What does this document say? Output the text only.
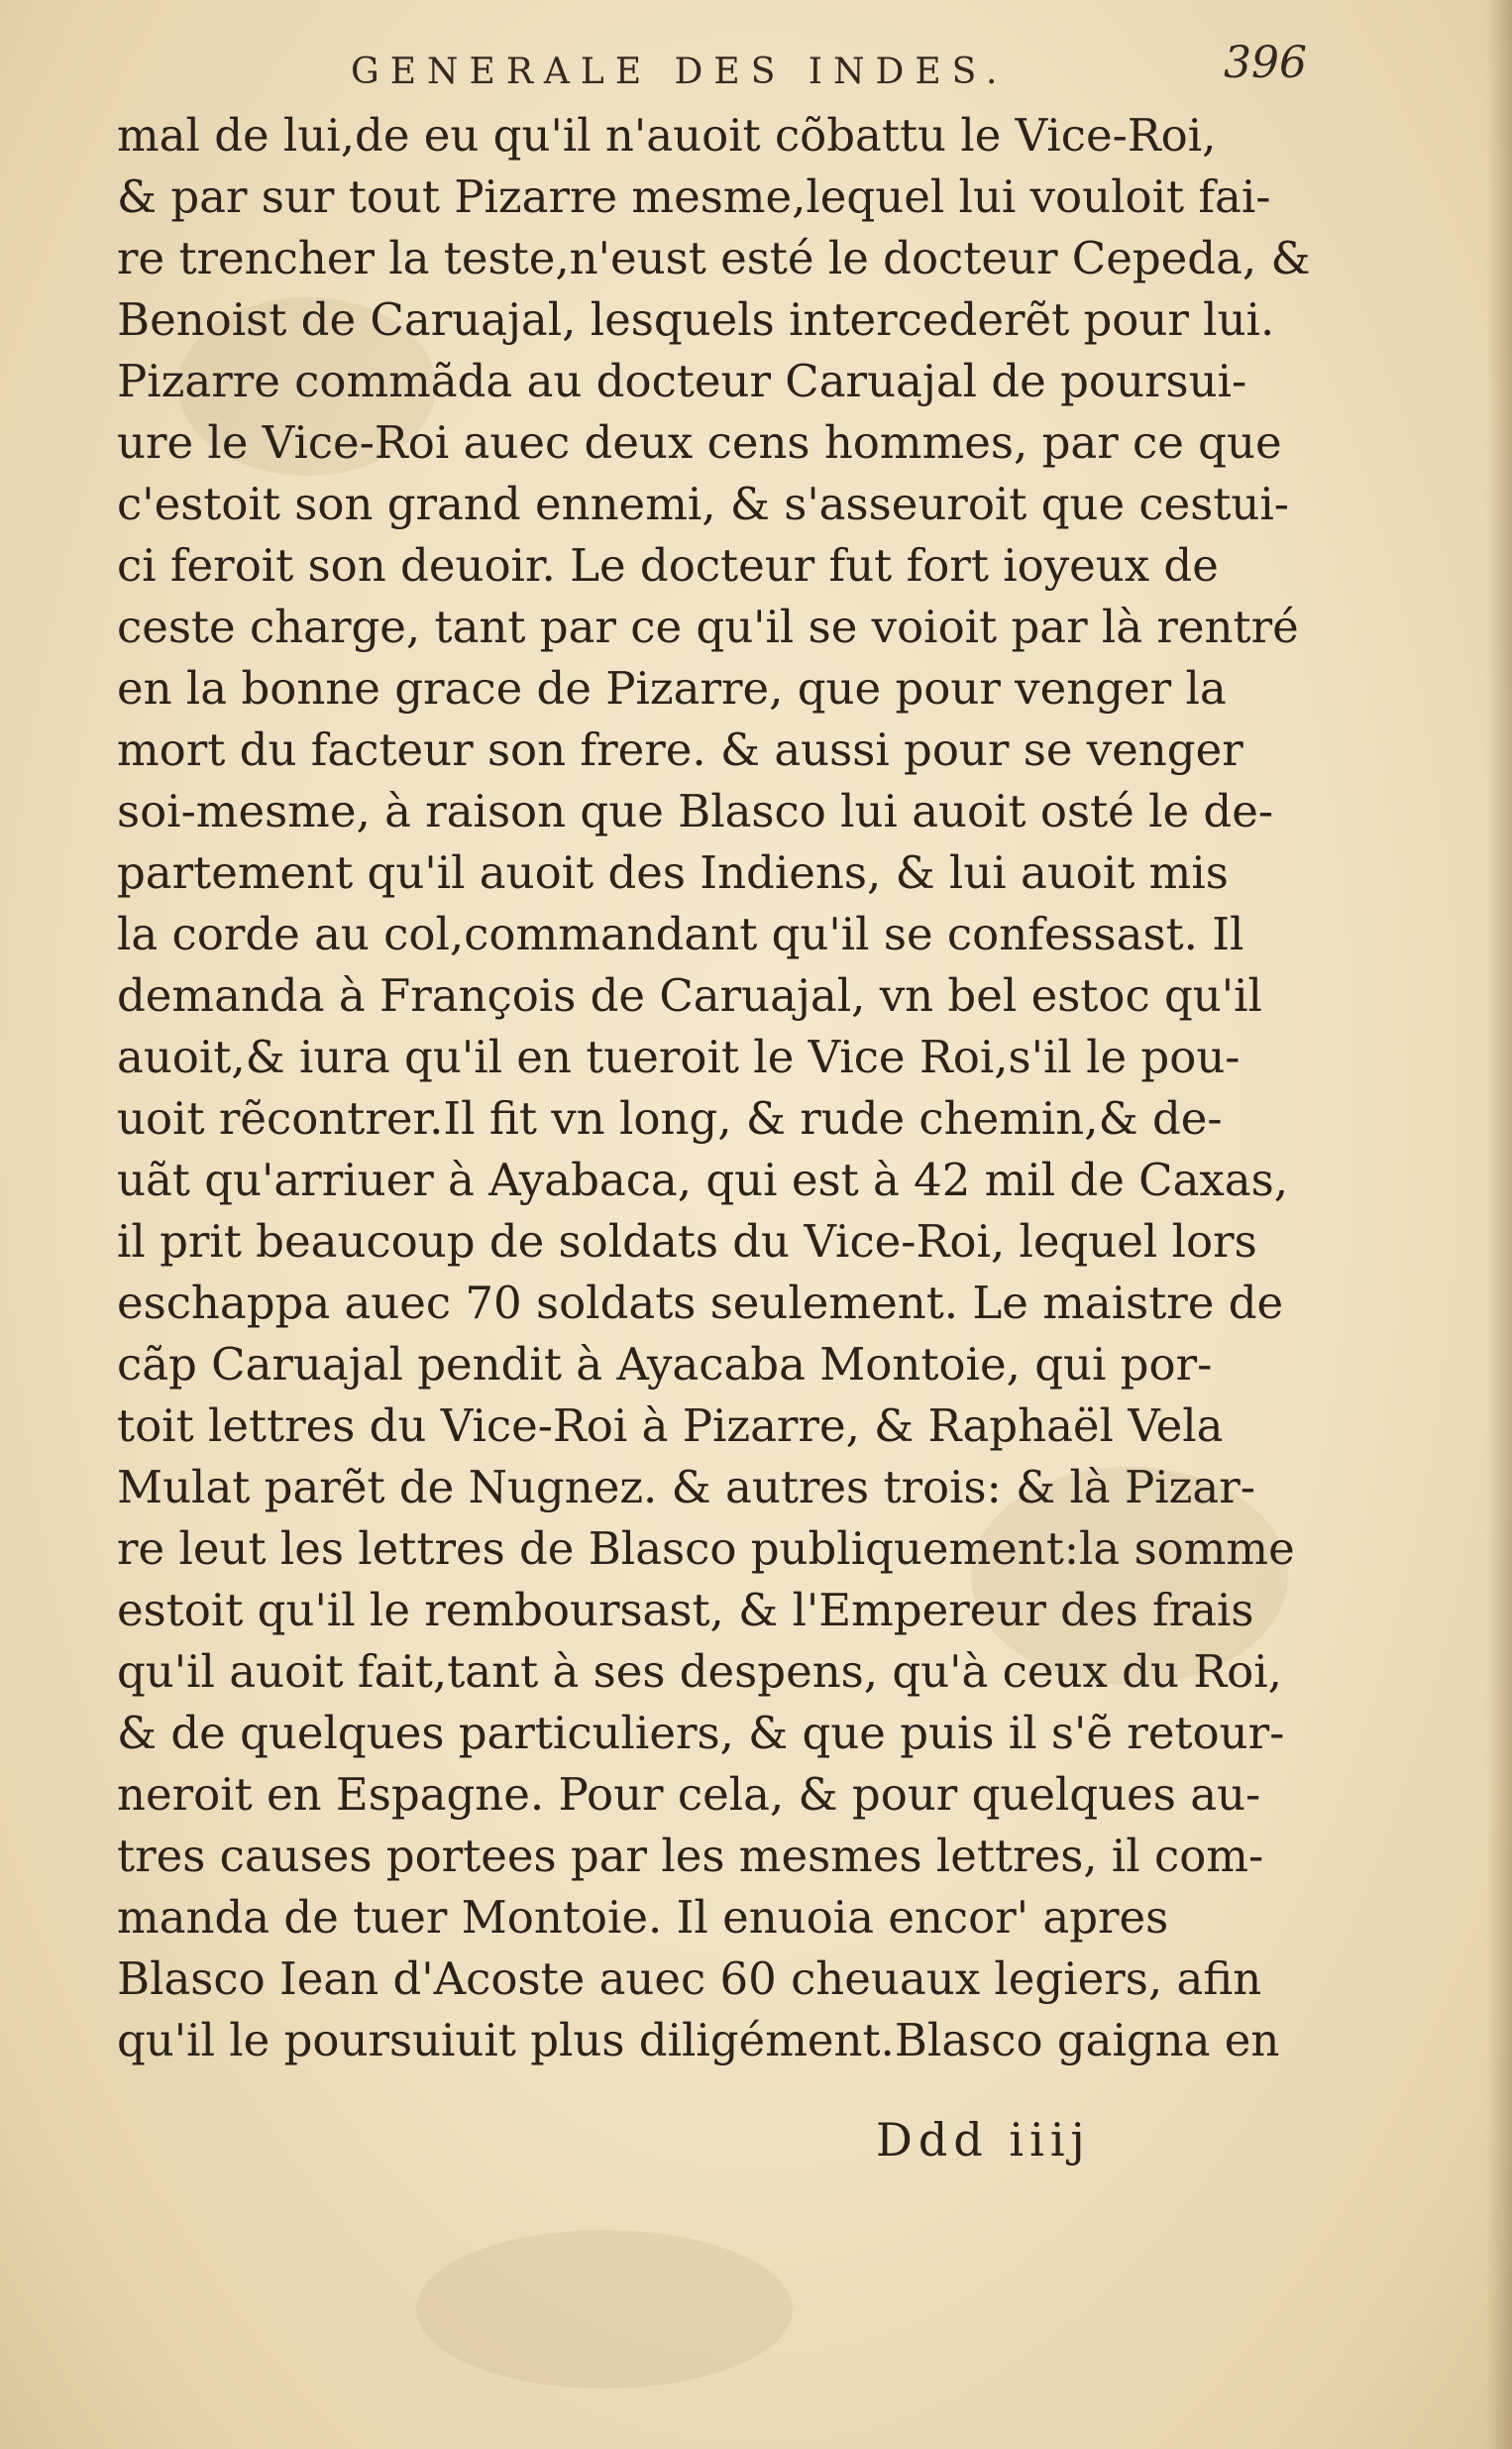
GENERALE DES INDES.	396
mal de lui,de eu qu'il n'auoit cõbattu le Vice-Roi,
& par sur tout Pizarre mesme,lequel lui vouloit fai-
re trencher la teste,n'eust esté le docteur Cepeda, &
Benoist de Caruajal, lesquels intercederẽt pour lui.
Pizarre commãda au docteur Caruajal de poursui-
ure le Vice-Roi auec deux cens hommes, par ce que
c'estoit son grand ennemi, & s'asseuroit que cestui-
ci feroit son deuoir. Le docteur fut fort ioyeux de
ceste charge, tant par ce qu'il se voioit par là rentré
en la bonne grace de Pizarre, que pour venger la
mort du facteur son frere. & aussi pour se venger
soi-mesme, à raison que Blasco lui auoit osté le de-
partement qu'il auoit des Indiens, & lui auoit mis
la corde au col,commandant qu'il se confessast. Il
demanda à François de Caruajal, vn bel estoc qu'il
auoit,& iura qu'il en tueroit le Vice Roi,s'il le pou-
uoit rẽcontrer.Il fit vn long, & rude chemin,& de-
uãt qu'arriuer à Ayabaca, qui est à 42 mil de Caxas,
il prit beaucoup de soldats du Vice-Roi, lequel lors
eschappa auec 70 soldats seulement. Le maistre de
cãp Caruajal pendit à Ayacaba Montoie, qui por-
toit lettres du Vice-Roi à Pizarre, & Raphaël Vela
Mulat parẽt de Nugnez. & autres trois: & là Pizar-
re leut les lettres de Blasco publiquement:la somme
estoit qu'il le remboursast, & l'Empereur des frais
qu'il auoit fait,tant à ses despens, qu'à ceux du Roi,
& de quelques particuliers, & que puis il s'ẽ retour-
neroit en Espagne. Pour cela, & pour quelques au-
tres causes portees par les mesmes lettres, il com-
manda de tuer Montoie. Il enuoia encor' apres
Blasco Iean d'Acoste auec 60 cheuaux legiers, afin
qu'il le poursuiuit plus diligément.Blasco gaigna en
Ddd iiij
